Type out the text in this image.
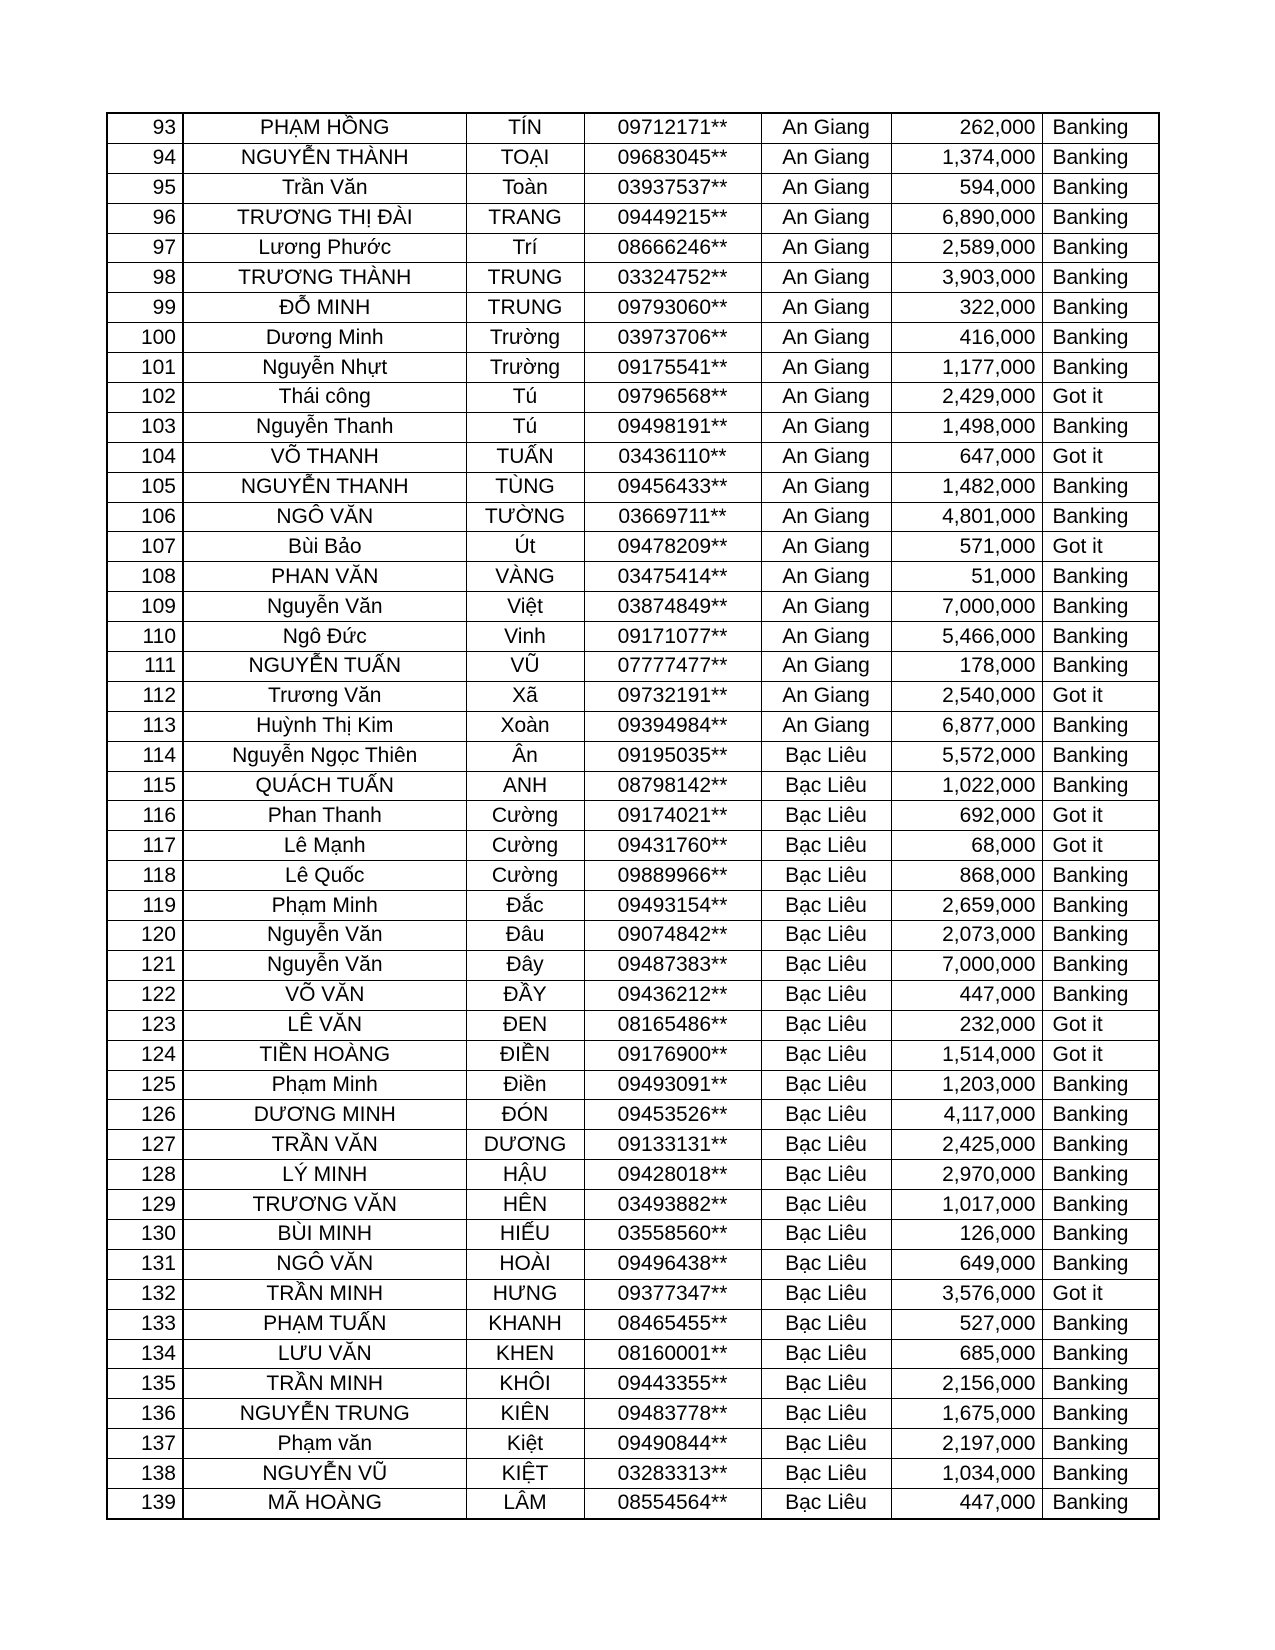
93	PHẠM HỒNG	TÍN	09712171**	An Giang	262,000	Banking
94	NGUYỄN THÀNH	TOẠI	09683045**	An Giang	1,374,000	Banking
95	Trần Văn	Toàn	03937537**	An Giang	594,000	Banking
96	TRƯƠNG THỊ ĐÀI	TRANG	09449215**	An Giang	6,890,000	Banking
97	Lương Phước	Trí	08666246**	An Giang	2,589,000	Banking
98	TRƯƠNG THÀNH	TRUNG	03324752**	An Giang	3,903,000	Banking
99	ĐỖ MINH	TRUNG	09793060**	An Giang	322,000	Banking
100	Dương Minh	Trường	03973706**	An Giang	416,000	Banking
101	Nguyễn Nhựt	Trường	09175541**	An Giang	1,177,000	Banking
102	Thái công	Tú	09796568**	An Giang	2,429,000	Got it
103	Nguyễn Thanh	Tú	09498191**	An Giang	1,498,000	Banking
104	VÕ THANH	TUẤN	03436110**	An Giang	647,000	Got it
105	NGUYỄN THANH	TÙNG	09456433**	An Giang	1,482,000	Banking
106	NGÔ VĂN	TƯỜNG	03669711**	An Giang	4,801,000	Banking
107	Bùi Bảo	Út	09478209**	An Giang	571,000	Got it
108	PHAN VĂN	VÀNG	03475414**	An Giang	51,000	Banking
109	Nguyễn Văn	Việt	03874849**	An Giang	7,000,000	Banking
110	Ngô Đức	Vinh	09171077**	An Giang	5,466,000	Banking
111	NGUYỄN TUẤN	VŨ	07777477**	An Giang	178,000	Banking
112	Trương Văn	Xã	09732191**	An Giang	2,540,000	Got it
113	Huỳnh Thị Kim	Xoàn	09394984**	An Giang	6,877,000	Banking
114	Nguyễn Ngọc Thiên	Ân	09195035**	Bạc Liêu	5,572,000	Banking
115	QUÁCH TUẤN	ANH	08798142**	Bạc Liêu	1,022,000	Banking
116	Phan Thanh	Cường	09174021**	Bạc Liêu	692,000	Got it
117	Lê Mạnh	Cường	09431760**	Bạc Liêu	68,000	Got it
118	Lê Quốc	Cường	09889966**	Bạc Liêu	868,000	Banking
119	Phạm Minh	Đắc	09493154**	Bạc Liêu	2,659,000	Banking
120	Nguyễn Văn	Đâu	09074842**	Bạc Liêu	2,073,000	Banking
121	Nguyễn Văn	Đây	09487383**	Bạc Liêu	7,000,000	Banking
122	VÕ VĂN	ĐẦY	09436212**	Bạc Liêu	447,000	Banking
123	LÊ VĂN	ĐEN	08165486**	Bạc Liêu	232,000	Got it
124	TIỀN HOÀNG	ĐIỀN	09176900**	Bạc Liêu	1,514,000	Got it
125	Phạm Minh	Điền	09493091**	Bạc Liêu	1,203,000	Banking
126	DƯƠNG MINH	ĐÓN	09453526**	Bạc Liêu	4,117,000	Banking
127	TRẦN VĂN	DƯƠNG	09133131**	Bạc Liêu	2,425,000	Banking
128	LÝ MINH	HẬU	09428018**	Bạc Liêu	2,970,000	Banking
129	TRƯƠNG VĂN	HÊN	03493882**	Bạc Liêu	1,017,000	Banking
130	BÙI MINH	HIẾU	03558560**	Bạc Liêu	126,000	Banking
131	NGÔ VĂN	HOÀI	09496438**	Bạc Liêu	649,000	Banking
132	TRẦN MINH	HƯNG	09377347**	Bạc Liêu	3,576,000	Got it
133	PHẠM TUẤN	KHANH	08465455**	Bạc Liêu	527,000	Banking
134	LƯU VĂN	KHEN	08160001**	Bạc Liêu	685,000	Banking
135	TRẦN MINH	KHÔI	09443355**	Bạc Liêu	2,156,000	Banking
136	NGUYỄN TRUNG	KIÊN	09483778**	Bạc Liêu	1,675,000	Banking
137	Phạm văn	Kiệt	09490844**	Bạc Liêu	2,197,000	Banking
138	NGUYỄN VŨ	KIỆT	03283313**	Bạc Liêu	1,034,000	Banking
139	MÃ HOÀNG	LÂM	08554564**	Bạc Liêu	447,000	Banking
